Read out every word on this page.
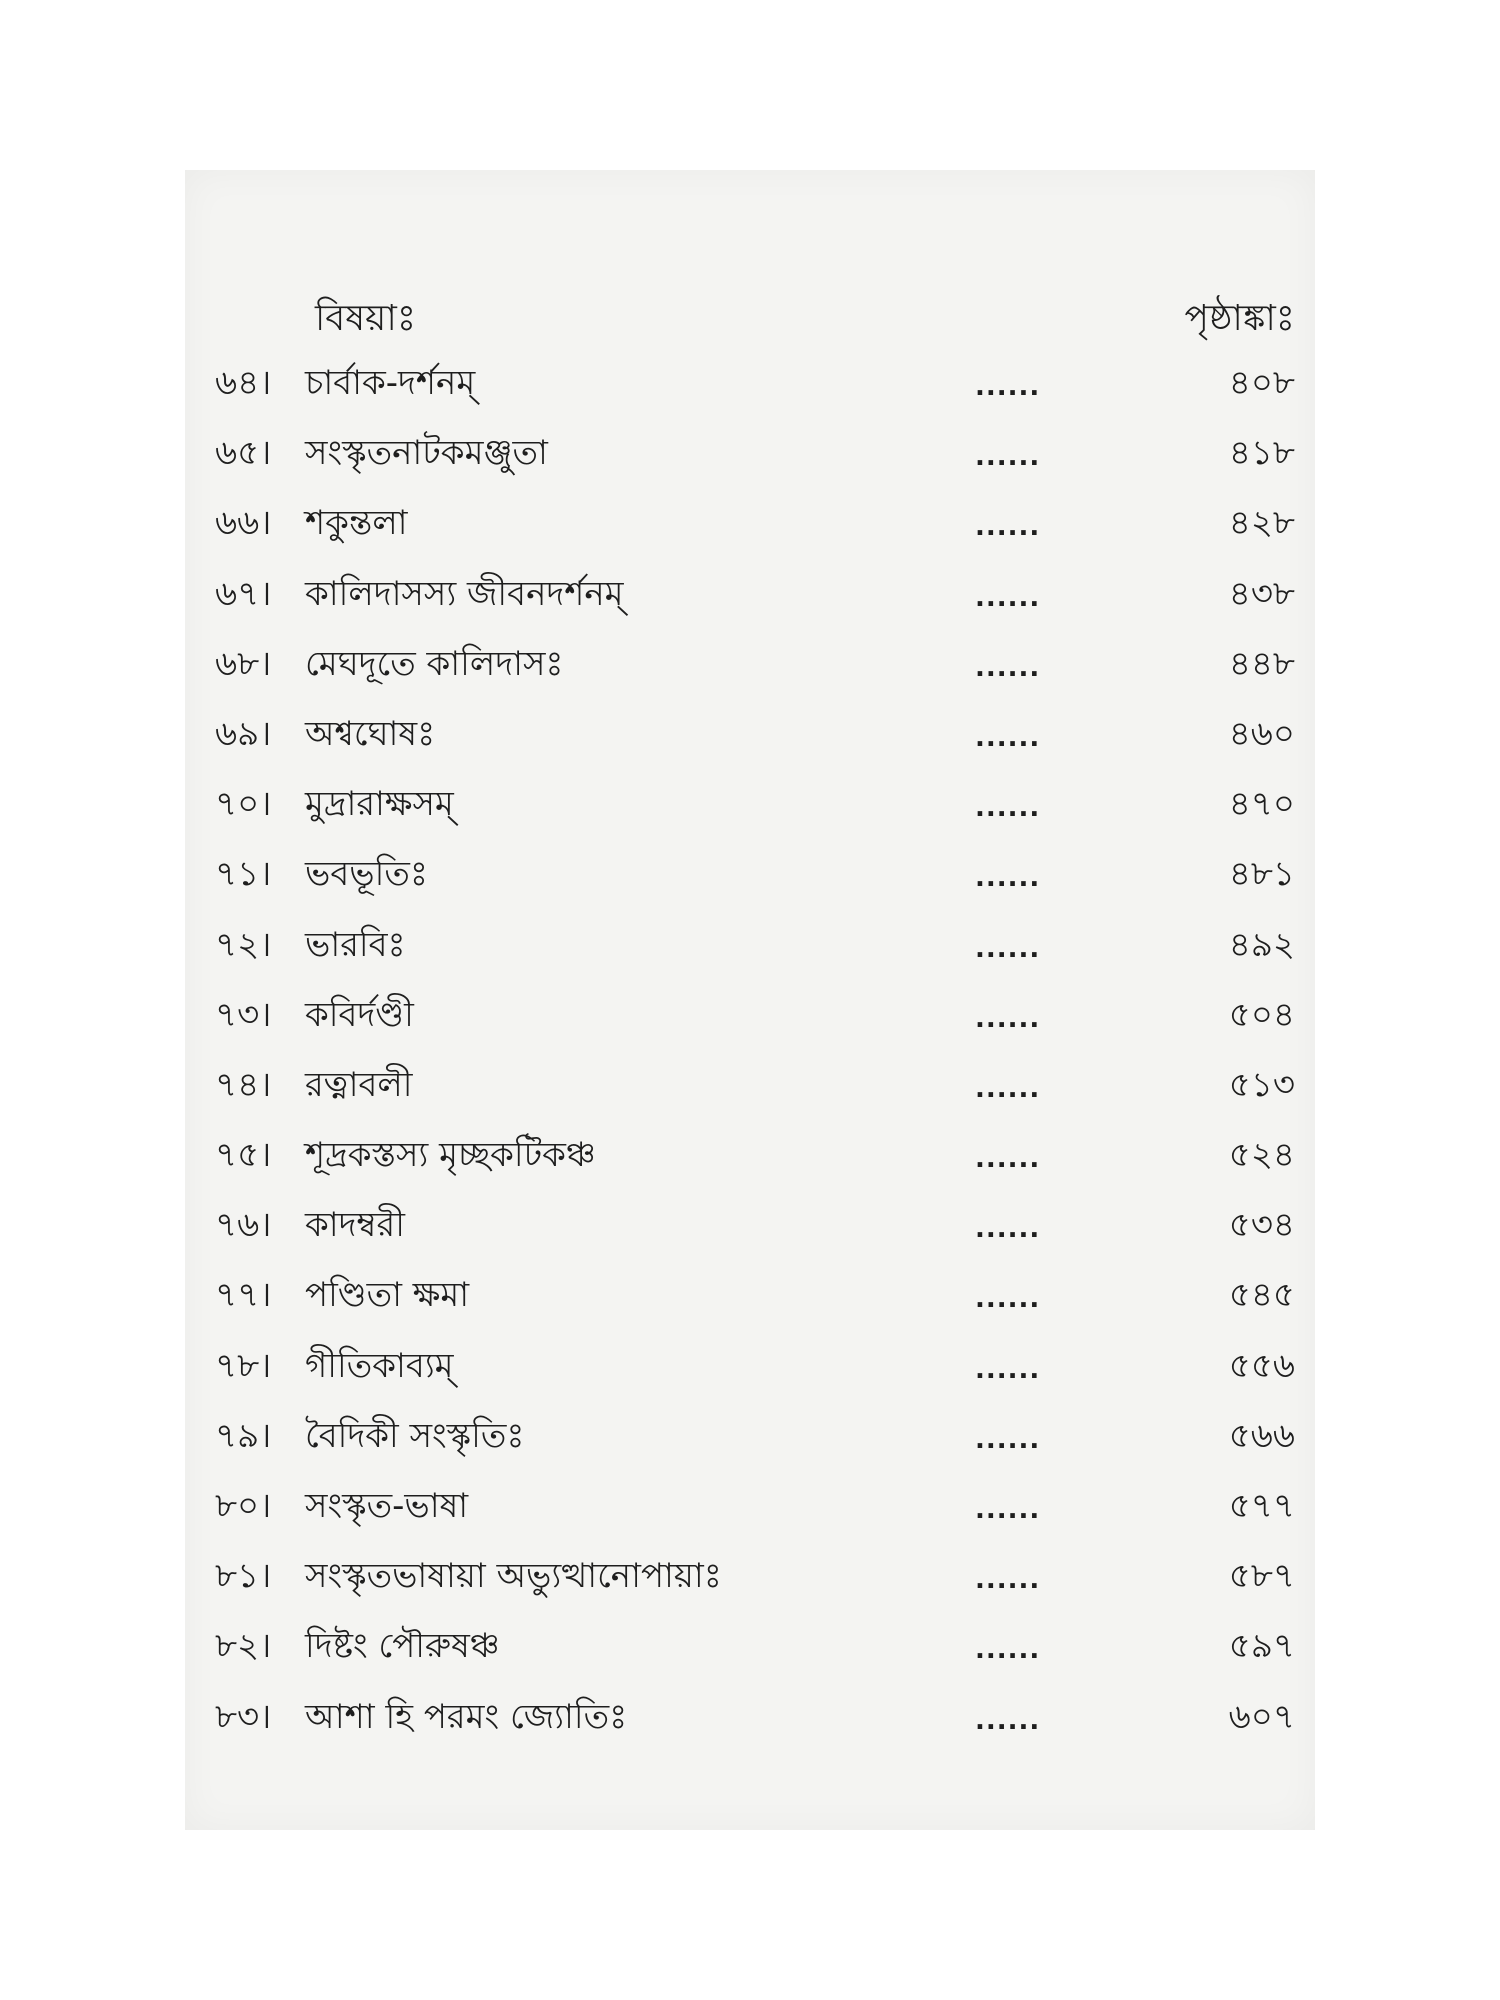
বিষয়াঃ	পৃষ্ঠাঙ্কাঃ
৬৪। চার্বাক-দর্শনম্	......	৪০৮
৬৫। সংস্কৃতনাটকমঞ্জুতা	......	৪১৮
৬৬। শকুন্তলা	......	৪২৮
৬৭। কালিদাসস্য জীবনদর্শনম্	......	৪৩৮
৬৮। মেঘদূতে কালিদাসঃ	......	৪৪৮
৬৯। অশ্বঘোষঃ	......	৪৬০
৭০। মুদ্রারাক্ষসম্	......	৪৭০
৭১। ভবভূতিঃ	......	৪৮১
৭২। ভারবিঃ	......	৪৯২
৭৩। কবির্দণ্ডী	......	৫০৪
৭৪। রত্নাবলী	......	৫১৩
৭৫। শূদ্রকস্তস্য মৃচ্ছকটিকঞ্চ	......	৫২৪
৭৬। কাদম্বরী	......	৫৩৪
৭৭। পণ্ডিতা ক্ষমা	......	৫৪৫
৭৮। গীতিকাব্যম্	......	৫৫৬
৭৯। বৈদিকী সংস্কৃতিঃ	......	৫৬৬
৮০। সংস্কৃত-ভাষা	......	৫৭৭
৮১। সংস্কৃতভাষায়া অভ্যুত্থানোপায়াঃ	......	৫৮৭
৮২। দিষ্টং পৌরুষঞ্চ	......	৫৯৭
৮৩। আশা হি পরমং জ্যোতিঃ	......	৬০৭
